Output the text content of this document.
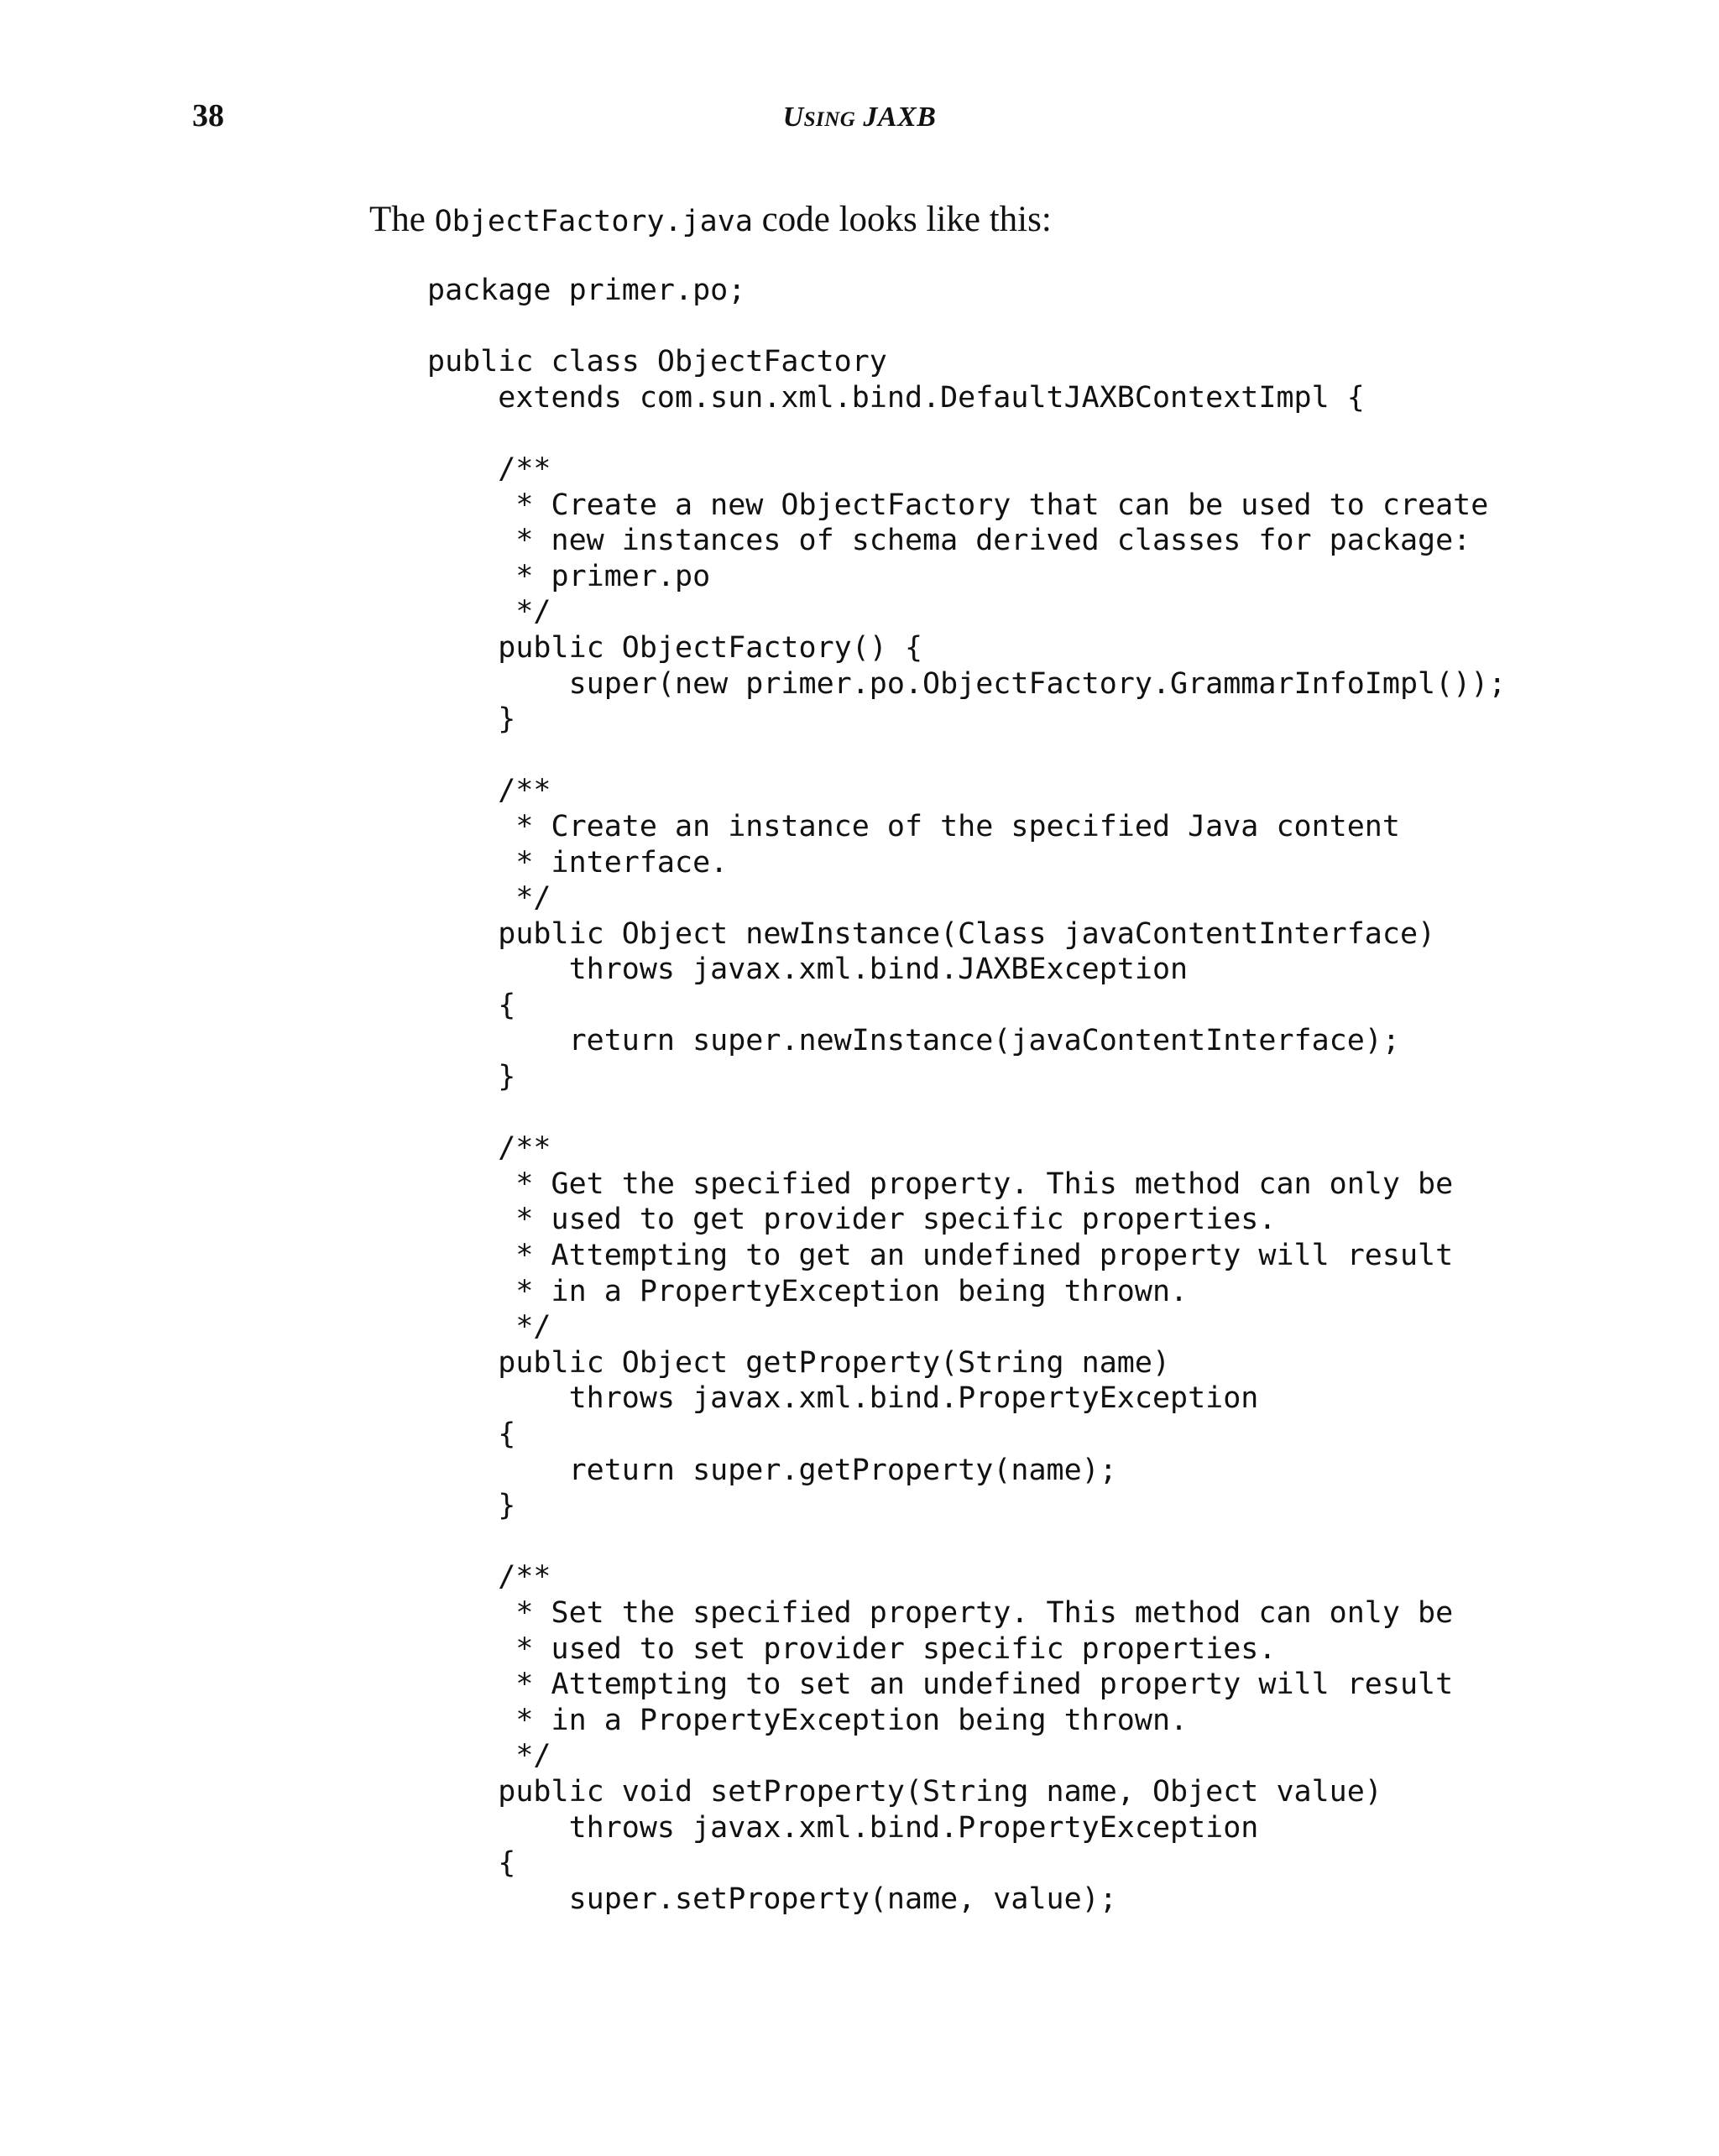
38	USING JAXB
The ObjectFactory.java code looks like this:
package primer.po;
public class ObjectFactory
extends com.sun.xml.bind.DefaultJAXBContextImpl {
/**
* Create a new ObjectFactory that can be used to create
* new instances of schema derived classes for package:
* primer.po
*/
public ObjectFactory() {
super(new primer.po.ObjectFactory.GrammarInfoImpl());
}
/**
* Create an instance of the specified Java content
* interface.
*/
public Object newInstance(Class javaContentInterface)
throws javax.xml.bind.JAXBException
{
return super.newInstance(javaContentInterface);
}
/**
* Get the specified property. This method can only be
* used to get provider specific properties.
* Attempting to get an undefined property will result
* in a PropertyException being thrown.
*/
public Object getProperty(String name)
throws javax.xml.bind.PropertyException
{
return super.getProperty(name);
}
/**
* Set the specified property. This method can only be
* used to set provider specific properties.
* Attempting to set an undefined property will result
* in a PropertyException being thrown.
*/
public void setProperty(String name, Object value)
throws javax.xml.bind.PropertyException
{
super.setProperty(name, value);
